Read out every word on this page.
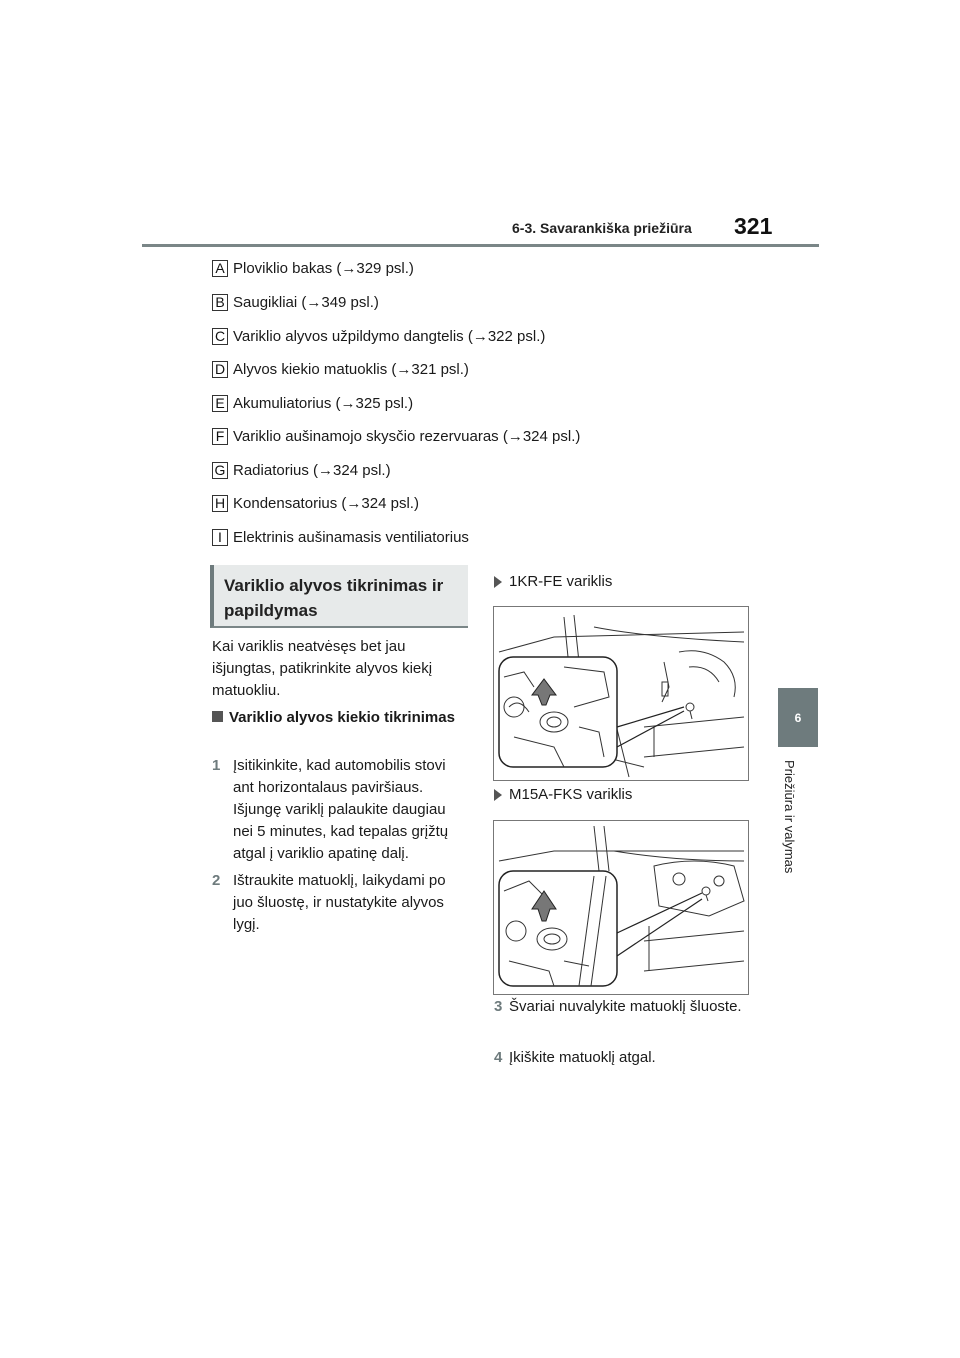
6-3. Savarankiška priežiūra 321
6
Priežiūra ir valymas
A Ploviklio bakas (→329 psl.)
B Saugikliai (→349 psl.)
C Variklio alyvos užpildymo dangtelis (→322 psl.)
D Alyvos kiekio matuoklis (→321 psl.)
E Akumuliatorius (→325 psl.)
F Variklio aušinamojo skysčio rezervuaras (→324 psl.)
G Radiatorius (→324 psl.)
H Kondensatorius (→324 psl.)
I Elektrinis aušinamasis ventiliatorius
Variklio alyvos tikrinimas ir papildymas
Kai variklis neatvėsęs bet jau išjungtas, patikrinkite alyvos kiekį matuokliu.
Variklio alyvos kiekio tikrinimas
1 Įsitikinkite, kad automobilis stovi ant horizontalaus paviršiaus. Išjungę variklį palaukite daugiau nei 5 minutes, kad tepalas grįžtų atgal į variklio apatinę dalį.
2 Ištraukite matuoklį, laikydami po juo šluostę, ir nustatykite alyvos lygį.
1KR-FE variklis
M15A-FKS variklis
3 Švariai nuvalykite matuoklį šluoste.
4 Įkiškite matuoklį atgal.
